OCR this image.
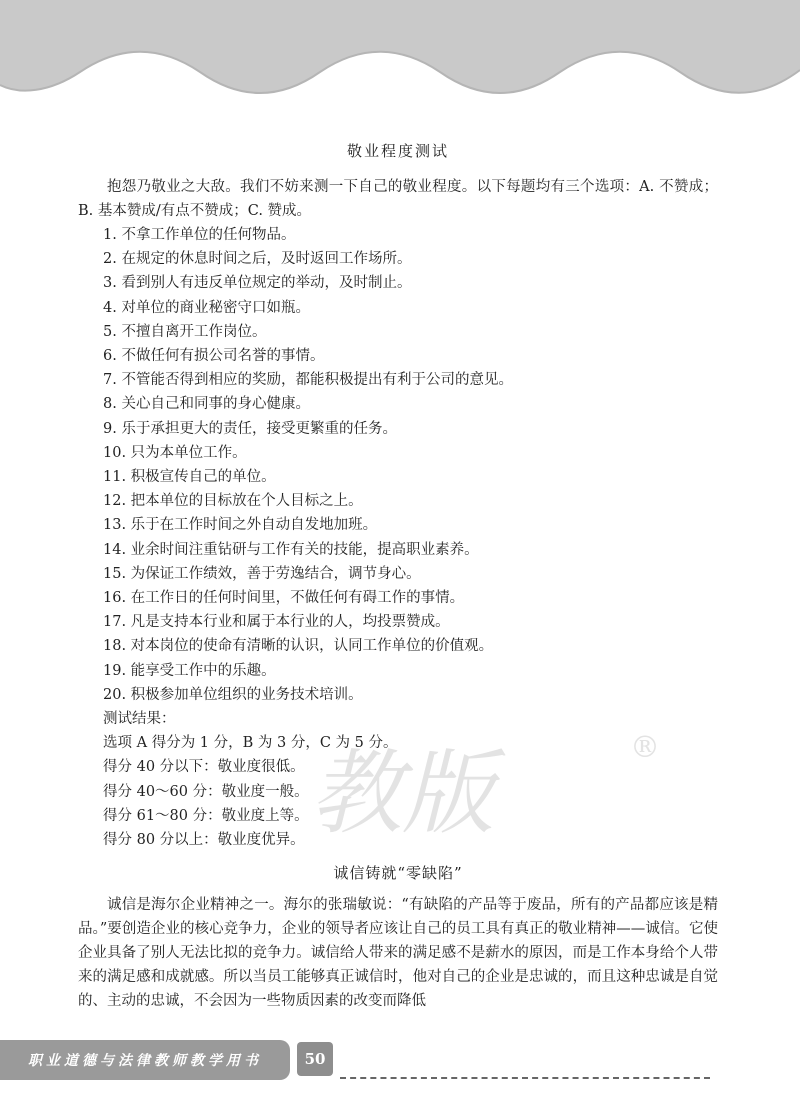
教版	®
敬业程度测试

抱怨乃敬业之大敌。我们不妨来测一下自己的敬业程度。以下每题均有三个选项：A. 不赞成；B. 基本赞成/有点不赞成；C. 赞成。

1. 不拿工作单位的任何物品。

2. 在规定的休息时间之后，及时返回工作场所。

3. 看到别人有违反单位规定的举动，及时制止。

4. 对单位的商业秘密守口如瓶。

5. 不擅自离开工作岗位。

6. 不做任何有损公司名誉的事情。

7. 不管能否得到相应的奖励，都能积极提出有利于公司的意见。

8. 关心自己和同事的身心健康。

9. 乐于承担更大的责任，接受更繁重的任务。

10. 只为本单位工作。

11. 积极宣传自己的单位。

12. 把本单位的目标放在个人目标之上。

13. 乐于在工作时间之外自动自发地加班。

14. 业余时间注重钻研与工作有关的技能，提高职业素养。

15. 为保证工作绩效，善于劳逸结合，调节身心。

16. 在工作日的任何时间里，不做任何有碍工作的事情。

17. 凡是支持本行业和属于本行业的人，均投票赞成。

18. 对本岗位的使命有清晰的认识，认同工作单位的价值观。

19. 能享受工作中的乐趣。

20. 积极参加单位组织的业务技术培训。

测试结果：

选项 A 得分为 1 分，B 为 3 分，C 为 5 分。

得分 40 分以下：敬业度很低。

得分 40～60 分：敬业度一般。

得分 61～80 分：敬业度上等。

得分 80 分以上：敬业度优异。

诚信铸就“零缺陷”

诚信是海尔企业精神之一。海尔的张瑞敏说：“有缺陷的产品等于废品，所有的产品都应该是精品。”要创造企业的核心竞争力，企业的领导者应该让自己的员工具有真正的敬业精神——诚信。它使企业具备了别人无法比拟的竞争力。诚信给人带来的满足感不是薪水的原因，而是工作本身给个人带来的满足感和成就感。所以当员工能够真正诚信时，他对自己的企业是忠诚的，而且这种忠诚是自觉的、主动的忠诚，不会因为一些物质因素的改变而降低

职业道德与法律教师教学用书	50
